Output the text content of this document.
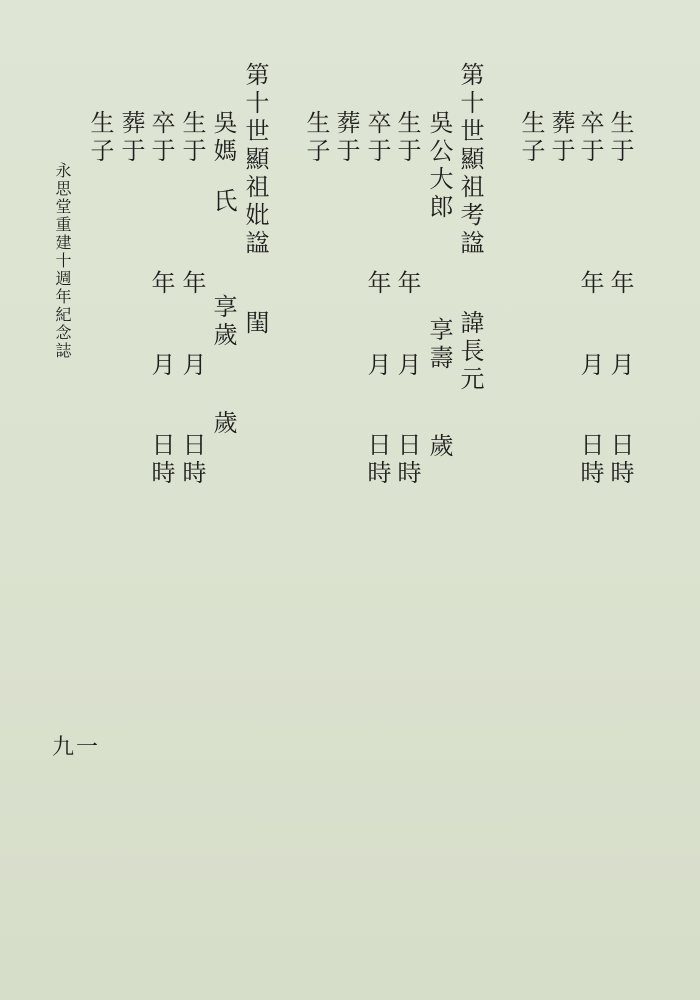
生于年月日時
卒于年月日時
葬于
生子
第十世顯祖考諡諱長元
吳公大郎享壽歲
生于年月日時
卒于年月日時
葬于
生子
第十世顯祖妣諡閨
吳媽氏享歲歲
生于年月日時
卒于年月日時
葬于
生子
永思堂重建十週年紀念誌
九一
